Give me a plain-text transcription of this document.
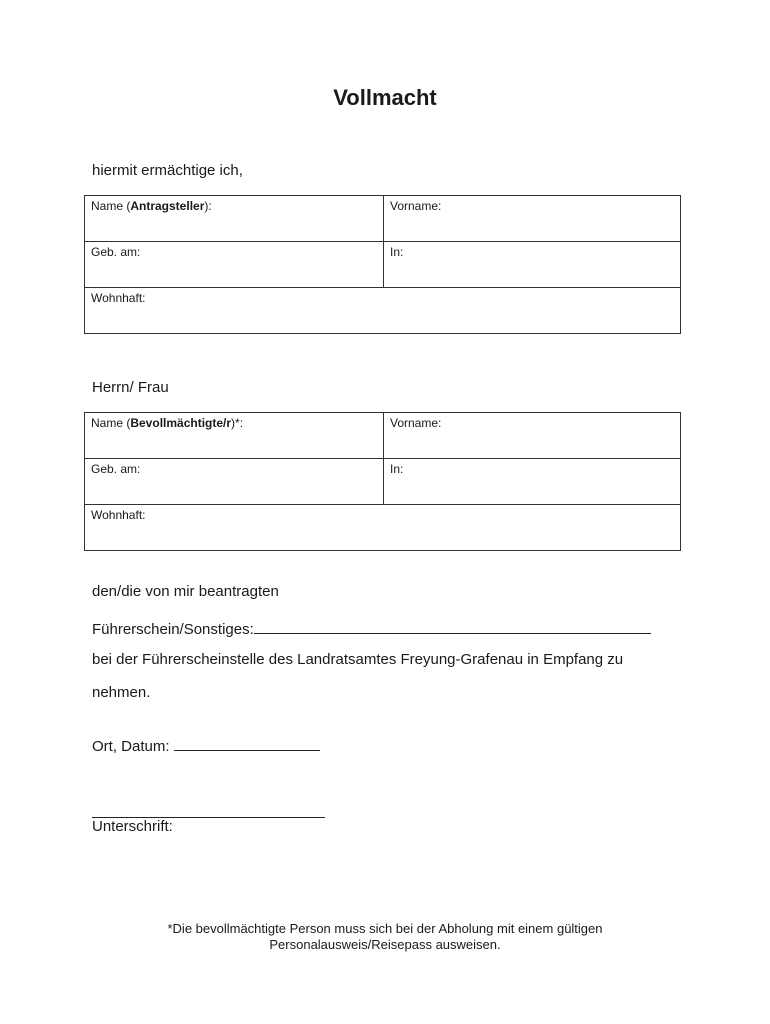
Vollmacht
hiermit ermächtige ich,
Name (Antragsteller):	Vorname:
Geb. am:	In:
Wohnhaft:	
Herrn/ Frau
Name (Bevollmächtigte/r)*:	Vorname:
Geb. am:	In:
Wohnhaft:	
den/die von mir beantragten
Führerschein/Sonstiges:
bei der Führerscheinstelle des Landratsamtes Freyung-Grafenau in Empfang zu
nehmen.
Ort, Datum:
Unterschrift:
*Die bevollmächtigte Person muss sich bei der Abholung mit einem gültigen
Personalausweis/Reisepass ausweisen.
